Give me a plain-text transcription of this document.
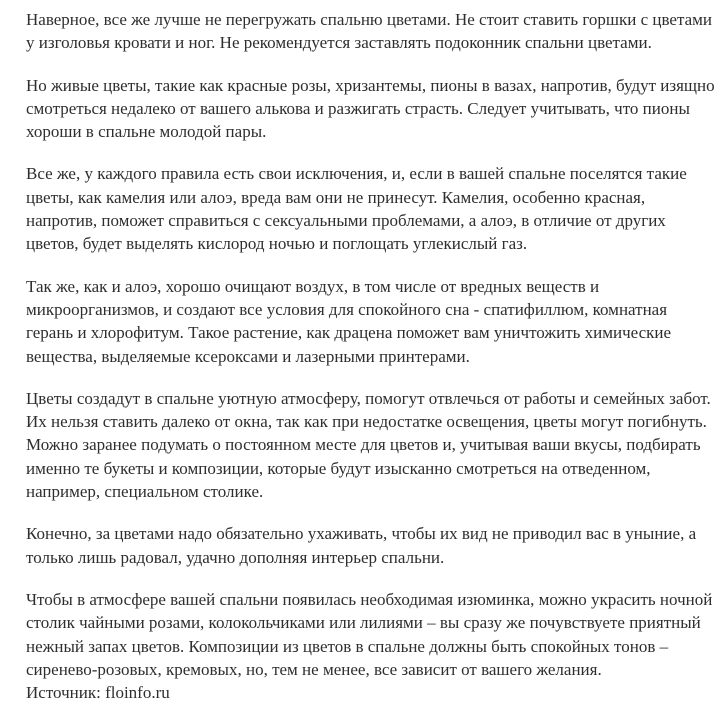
Наверное, все же лучше не перегружать спальню цветами. Не стоит ставить горшки с цветами у изголовья кровати и ног. Не рекомендуется заставлять подоконник спальни цветами.

Но живые цветы, такие как красные розы, хризантемы, пионы в вазах, напротив, будут изящно смотреться недалеко от вашего алькова и разжигать страсть. Следует учитывать, что пионы хороши в спальне молодой пары.

Все же, у каждого правила есть свои исключения, и, если в вашей спальне поселятся такие цветы, как камелия или алоэ, вреда вам они не принесут. Камелия, особенно красная, напротив, поможет справиться с сексуальными проблемами, а алоэ, в отличие от других цветов, будет выделять кислород ночью и поглощать углекислый газ.

Так же, как и алоэ, хорошо очищают воздух, в том числе от вредных веществ и микроорганизмов, и создают все условия для спокойного сна - спатифиллюм, комнатная герань и хлорофитум. Такое растение, как драцена поможет вам уничтожить химические вещества, выделяемые ксероксами и лазерными принтерами.

Цветы создадут в спальне уютную атмосферу, помогут отвлечься от работы и семейных забот. Их нельзя ставить далеко от окна, так как при недостатке освещения, цветы могут погибнуть. Можно заранее подумать о постоянном месте для цветов и, учитывая ваши вкусы, подбирать именно те букеты и композиции, которые будут изысканно смотреться на отведенном, например, специальном столике.

Конечно, за цветами надо обязательно ухаживать, чтобы их вид не приводил вас в уныние, а только лишь радовал, удачно дополняя интерьер спальни.

Чтобы в атмосфере вашей спальни появилась необходимая изюминка, можно украсить ночной столик чайными розами, колокольчиками или лилиями – вы сразу же почувствуете приятный нежный запах цветов. Композиции из цветов в спальне должны быть спокойных тонов – сиренево-розовых, кремовых, но, тем не менее, все зависит от вашего желания.

Источник: floinfo.ru
